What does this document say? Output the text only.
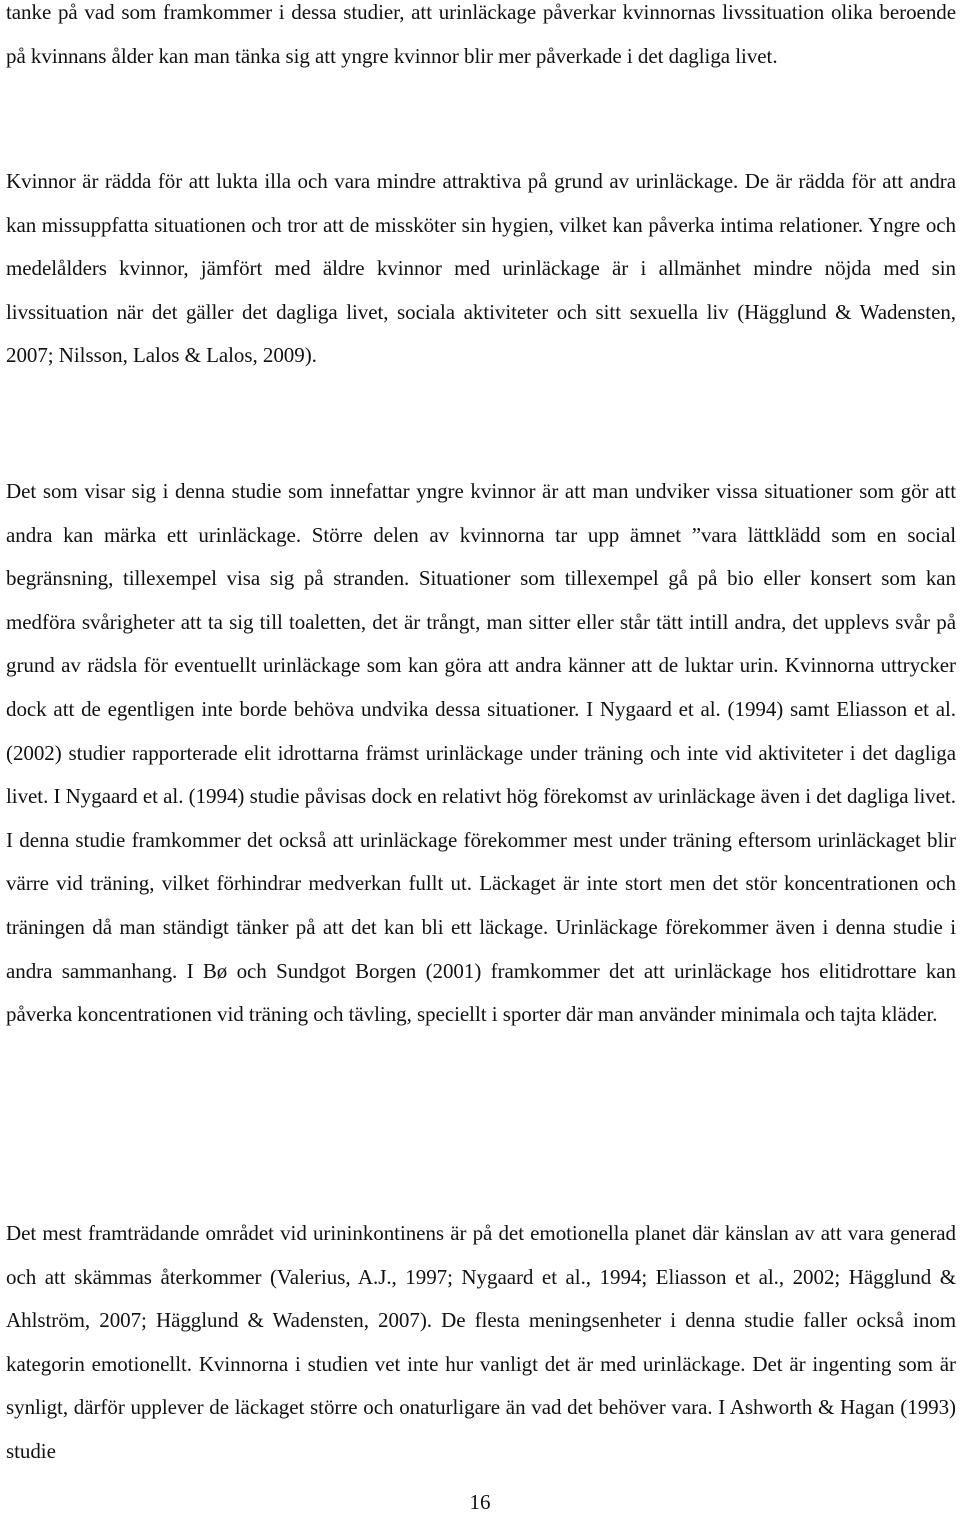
tanke på vad som framkommer i dessa studier, att urinläckage påverkar kvinnornas livssituation olika beroende på kvinnans ålder kan man tänka sig att yngre kvinnor blir mer påverkade i det dagliga livet.

Kvinnor är rädda för att lukta illa och vara mindre attraktiva på grund av urinläckage. De är rädda för att andra kan missuppfatta situationen och tror att de missköter sin hygien, vilket kan påverka intima relationer. Yngre och medelålders kvinnor, jämfört med äldre kvinnor med urinläckage är i allmänhet mindre nöjda med sin livssituation när det gäller det dagliga livet, sociala aktiviteter och sitt sexuella liv (Hägglund & Wadensten, 2007; Nilsson, Lalos & Lalos, 2009).

Det som visar sig i denna studie som innefattar yngre kvinnor är att man undviker vissa situationer som gör att andra kan märka ett urinläckage. Större delen av kvinnorna tar upp ämnet ”vara lättklädd som en social begränsning, tillexempel visa sig på stranden. Situationer som tillexempel gå på bio eller konsert som kan medföra svårigheter att ta sig till toaletten, det är trångt, man sitter eller står tätt intill andra, det upplevs svår på grund av rädsla för eventuellt urinläckage som kan göra att andra känner att de luktar urin. Kvinnorna uttrycker dock att de egentligen inte borde behöva undvika dessa situationer. I Nygaard et al. (1994) samt Eliasson et al. (2002) studier rapporterade elit idrottarna främst urinläckage under träning och inte vid aktiviteter i det dagliga livet. I Nygaard et al. (1994) studie påvisas dock en relativt hög förekomst av urinläckage även i det dagliga livet. I denna studie framkommer det också att urinläckage förekommer mest under träning eftersom urinläckaget blir värre vid träning, vilket förhindrar medverkan fullt ut. Läckaget är inte stort men det stör koncentrationen och träningen då man ständigt tänker på att det kan bli ett läckage. Urinläckage förekommer även i denna studie i andra sammanhang. I Bø och Sundgot Borgen (2001) framkommer det att urinläckage hos elitidrottare kan påverka koncentrationen vid träning och tävling, speciellt i sporter där man använder minimala och tajta kläder.

Det mest framträdande området vid urininkontinens är på det emotionella planet där känslan av att vara generad och att skämmas återkommer (Valerius, A.J., 1997; Nygaard et al., 1994; Eliasson et al., 2002; Hägglund & Ahlström, 2007; Hägglund & Wadensten, 2007). De flesta meningsenheter i denna studie faller också inom kategorin emotionellt. Kvinnorna i studien vet inte hur vanligt det är med urinläckage. Det är ingenting som är synligt, därför upplever de läckaget större och onaturligare än vad det behöver vara. I Ashworth & Hagan (1993) studie

16
